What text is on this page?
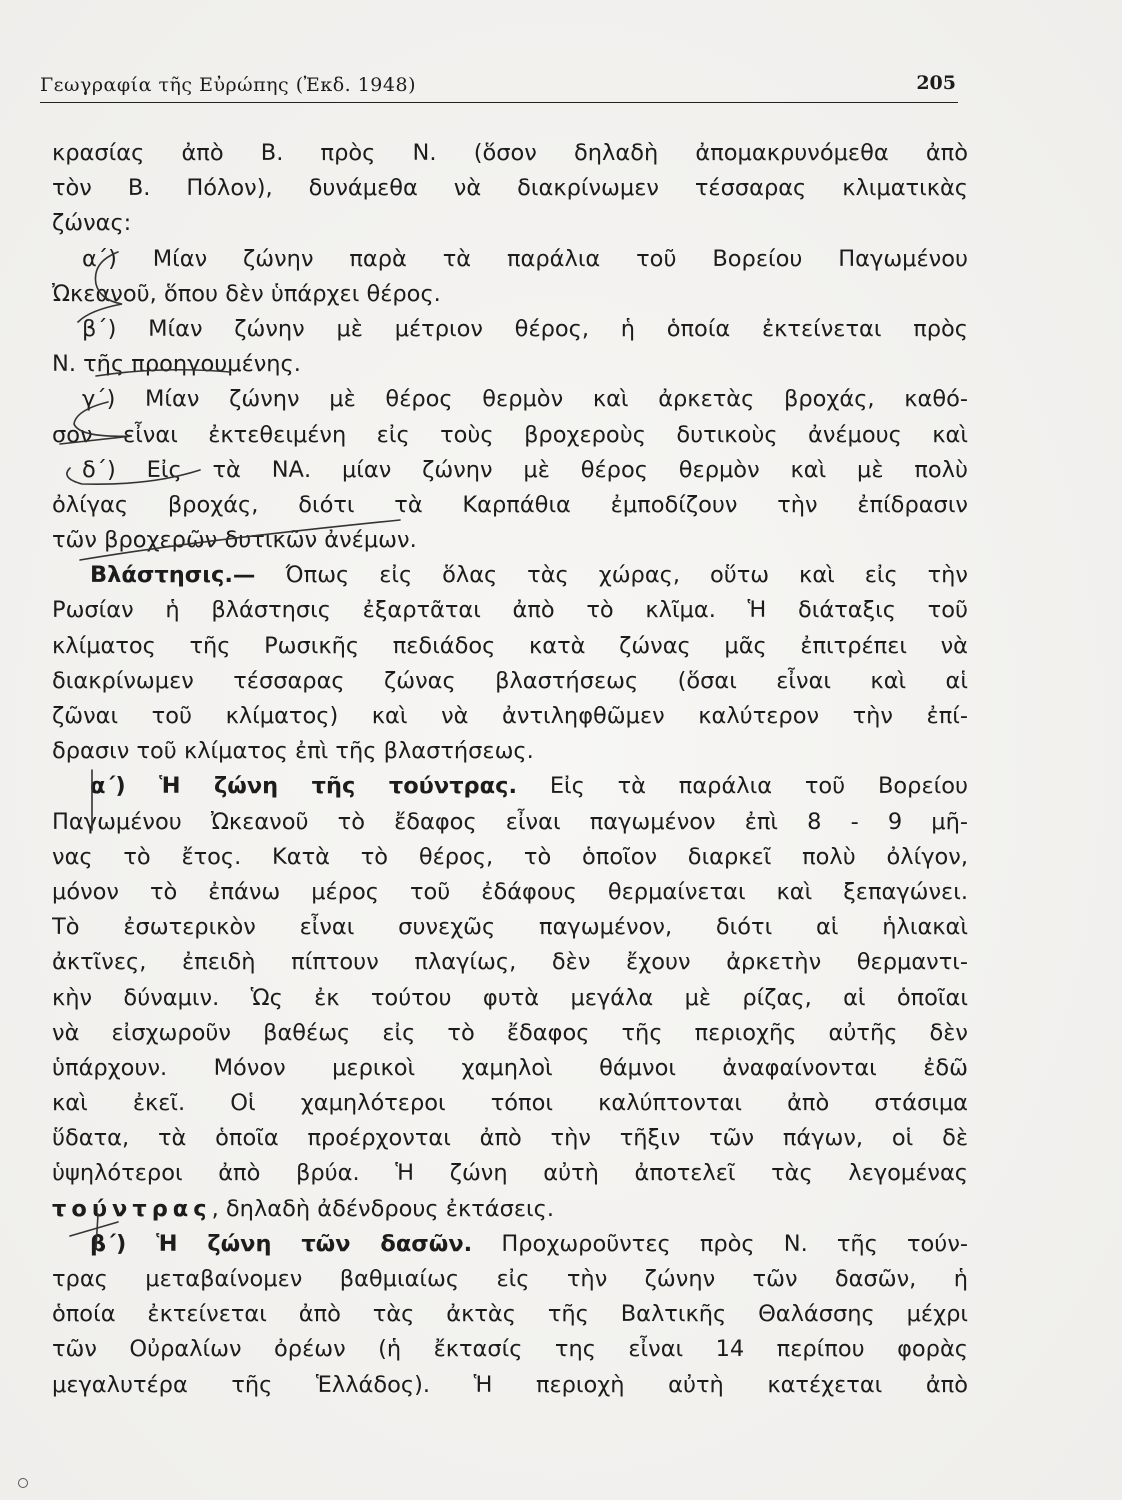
Γεωγραφία τῆς Εὐρώπης (Ἐκδ. 1948)	205
κρασίας ἀπὸ Β. πρὸς Ν. (ὅσον δηλαδὴ ἀπομακρυνόμεθα ἀπὸ
τὸν Β. Πόλον), δυνάμεθα νὰ διακρίνωμεν τέσσαρας κλιματικὰς
ζώνας:
α΄) Μίαν ζώνην παρὰ τὰ παράλια τοῦ Βορείου Παγωμένου
Ὠκεανοῦ, ὅπου δὲν ὑπάρχει θέρος.
β΄) Μίαν ζώνην μὲ μέτριον θέρος, ἡ ὁποία ἐκτείνεται πρὸς
Ν. τῆς προηγουμένης.
γ΄) Μίαν ζώνην μὲ θέρος θερμὸν καὶ ἀρκετὰς βροχάς, καθό-
σον εἶναι ἐκτεθειμένη εἰς τοὺς βροχεροὺς δυτικοὺς ἀνέμους καὶ
δ΄) Εἰς τὰ ΝΑ. μίαν ζώνην μὲ θέρος θερμὸν καὶ μὲ πολὺ
ὀλίγας βροχάς, διότι τὰ Καρπάθια ἐμποδίζουν τὴν ἐπίδρασιν
τῶν βροχερῶν δυτικῶν ἀνέμων.
Βλάστησις.— Όπως εἰς ὅλας τὰς χώρας, οὕτω καὶ εἰς τὴν
Ρωσίαν ἡ βλάστησις ἐξαρτᾶται ἀπὸ τὸ κλῖμα. Ἡ διάταξις τοῦ
κλίματος τῆς Ρωσικῆς πεδιάδος κατὰ ζώνας μᾶς ἐπιτρέπει νὰ
διακρίνωμεν τέσσαρας ζώνας βλαστήσεως (ὅσαι εἶναι καὶ αἱ
ζῶναι τοῦ κλίματος) καὶ νὰ ἀντιληφθῶμεν καλύτερον τὴν ἐπί-
δρασιν τοῦ κλίματος ἐπὶ τῆς βλαστήσεως.
α΄) Ἡ ζώνη τῆς τούντρας. Εἰς τὰ παράλια τοῦ Βορείου
Παγωμένου Ὠκεανοῦ τὸ ἔδαφος εἶναι παγωμένον ἐπὶ 8 - 9 μῆ-
νας τὸ ἔτος. Κατὰ τὸ θέρος, τὸ ὁποῖον διαρκεῖ πολὺ ὀλίγον,
μόνον τὸ ἐπάνω μέρος τοῦ ἐδάφους θερμαίνεται καὶ ξεπαγώνει.
Τὸ ἐσωτερικὸν εἶναι συνεχῶς παγωμένον, διότι αἱ ἡλιακαὶ
ἀκτῖνες, ἐπειδὴ πίπτουν πλαγίως, δὲν ἔχουν ἀρκετὴν θερμαντι-
κὴν δύναμιν. Ὡς ἐκ τούτου φυτὰ μεγάλα μὲ ρίζας, αἱ ὁποῖαι
νὰ εἰσχωροῦν βαθέως εἰς τὸ ἔδαφος τῆς περιοχῆς αὐτῆς δὲν
ὑπάρχουν. Μόνον μερικοὶ χαμηλοὶ θάμνοι ἀναφαίνονται ἐδῶ
καὶ ἐκεῖ. Οἱ χαμηλότεροι τόποι καλύπτονται ἀπὸ στάσιμα
ὕδατα, τὰ ὁποῖα προέρχονται ἀπὸ τὴν τῆξιν τῶν πάγων, οἱ δὲ
ὑψηλότεροι ἀπὸ βρύα. Ἡ ζώνη αὐτὴ ἀποτελεῖ τὰς λεγομένας
τούντρας, δηλαδὴ ἀδένδρους ἐκτάσεις.
β΄) Ἡ ζώνη τῶν δασῶν. Προχωροῦντες πρὸς Ν. τῆς τούν-
τρας μεταβαίνομεν βαθμιαίως εἰς τὴν ζώνην τῶν δασῶν, ἡ
ὁποία ἐκτείνεται ἀπὸ τὰς ἀκτὰς τῆς Βαλτικῆς Θαλάσσης μέχρι
τῶν Οὐραλίων ὀρέων (ἡ ἔκτασίς της εἶναι 14 περίπου φορὰς
μεγαλυτέρα τῆς Ἑλλάδος). Ἡ περιοχὴ αὐτὴ κατέχεται ἀπὸ
